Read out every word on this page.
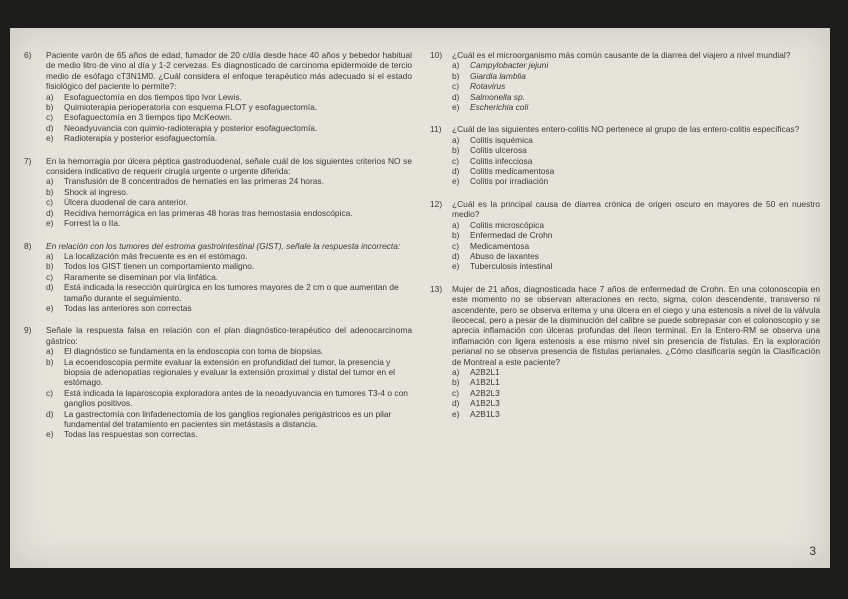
6)	Paciente varón de 65 años de edad, fumador de 20 c/día desde hace 40 años y bebedor habitual de medio litro de vino al día y 1-2 cervezas. Es diagnosticado de carcinoma epidermoide de tercio medio de esófago cT3N1M0. ¿Cuál considera el enfoque terapéutico más adecuado si el estado fisiológico del paciente lo permite?:
a)	Esofaguectomía en dos tiempos tipo Ivor Lewis.
b)	Quimioterapia perioperatoria con esquema FLOT y esofaguectomía.
c)	Esofaguectomía en 3 tiempos tipo McKeown.
d)	Neoadyuvancia con quimio-radioterapia y posterior esofaguectomía.
e)	Radioterapia y posterior esofaguectomía.
7)	En la hemorragia por úlcera péptica gastroduodenal, señale cuál de los siguientes criterios NO se considera indicativo de requerir cirugía urgente o urgente diferida:
a)	Transfusión de 8 concentrados de hematíes en las primeras 24 horas.
b)	Shock al ingreso.
c)	Úlcera duodenal de cara anterior.
d)	Recidiva hemorrágica en las primeras 48 horas tras hemostasia endoscópica.
e)	Forrest la o IIa.
8)	En relación con los tumores del estroma gastrointestinal (GIST), señale la respuesta incorrecta:
a)	La localización más frecuente es en el estómago.
b)	Todos los GIST tienen un comportamiento maligno.
c)	Raramente se diseminan por vía linfática.
d)	Está indicada la resección quirúrgica en los tumores mayores de 2 cm o que aumentan de tamaño durante el seguimiento.
e)	Todas las anteriores son correctas
9)	Señale la respuesta falsa en relación con el plan diagnóstico-terapéutico del adenocarcinoma gástrico:
a)	El diagnóstico se fundamenta en la endoscopia con toma de biopsias.
b)	La ecoendoscopia permite evaluar la extensión en profundidad del tumor, la presencia y biopsia de adenopatías regionales y evaluar la extensión proximal y distal del tumor en el estómago.
c)	Está indicada la laparoscopia exploradora antes de la neoadyuvancia en tumores T3-4 o con ganglios positivos.
d)	La gastrectomía con linfadenectomía de los ganglios regionales perigástricos es un pilar fundamental del tratamiento en pacientes sin metástasis a distancia.
e)	Todas las respuestas son correctas.
10)	¿Cuál es el microorganismo más común causante de la diarrea del viajero a nivel mundial?
a)	Campylobacter jejuni
b)	Giardia lamblia
c)	Rotavirus
d)	Salmonella sp.
e)	Escherichia coli
11)	¿Cuál de las siguientes entero-colitis NO pertenece al grupo de las entero-colitis específicas?
a)	Colitis isquémica
b)	Colitis ulcerosa
c)	Colitis infecciosa
d)	Colitis medicamentosa
e)	Colitis por irradiación
12)	¿Cuál es la principal causa de diarrea crónica de origen oscuro en mayores de 50 en nuestro medio?
a)	Colitis microscópica
b)	Enfermedad de Crohn
c)	Medicamentosa
d)	Abuso de laxantes
e)	Tuberculosis intestinal
13)	Mujer de 21 años, diagnosticada hace 7 años de enfermedad de Crohn. En una colonoscopia en este momento no se observan alteraciones en recto, sigma, colon descendente, transverso ni ascendente, pero se observa eritema y una úlcera en el ciego y una estenosis a nivel de la válvula ileocecal, pero a pesar de la disminución del calibre se puede sobrepasar con el colonoscopio y se aprecia inflamación con úlceras profundas del íleon terminal. En la Entero-RM se observa una inflamación con ligera estenosis a ese mismo nivel sin presencia de fístulas. En la exploración perianal no se observa presencia de fístulas perianales. ¿Cómo clasificaría según la Clasificación de Montreal a este paciente?
a)	A2B2L1
b)	A1B2L1
c)	A2B2L3
d)	A1B2L3
e)	A2B1L3
3
